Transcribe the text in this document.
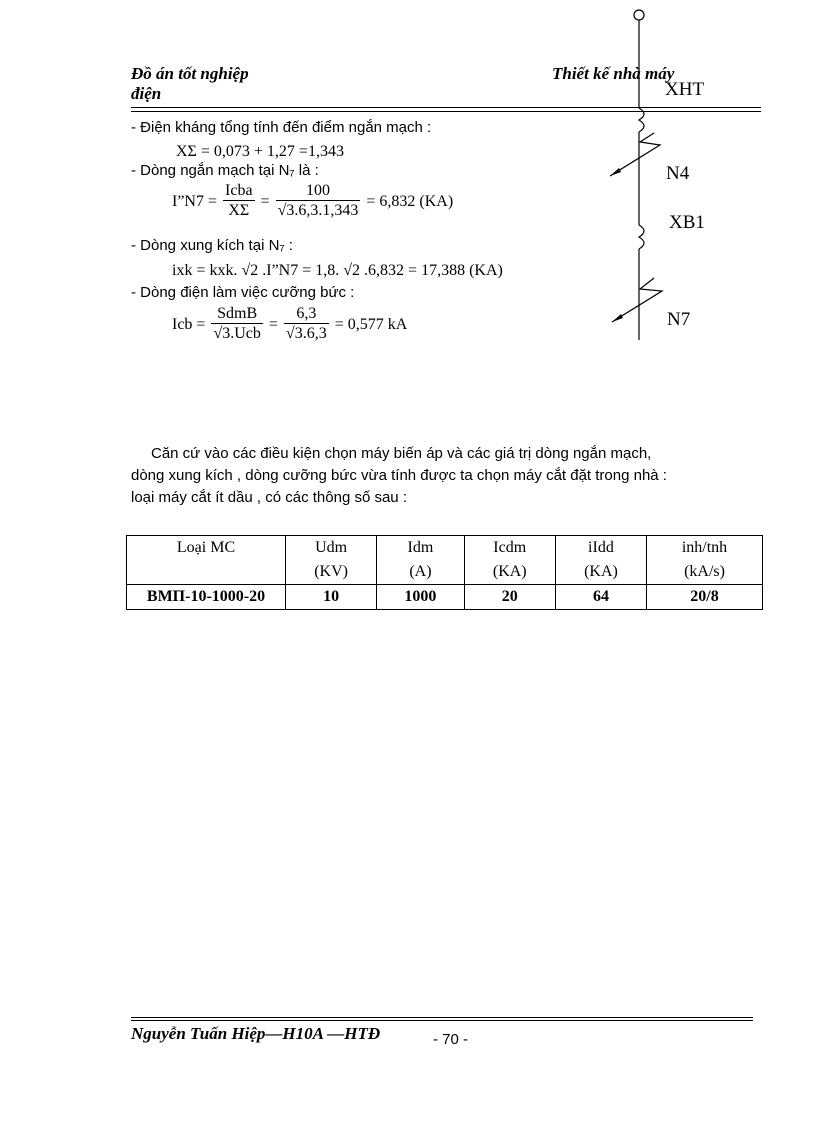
Đồ án tốt nghiệp
điện
Thiết kế nhà máy
- Điện kháng tổng tính đến điểm ngắn mạch :
XΣ = 0,073 + 1,27 =1,343
- Dòng ngắn mạch tại N₇ là :
I”N7 = $\frac{\text{Icba}}{X\Sigma} = \frac{100}{√3.6,3.1,343} = 6,832$ (KA)
- Dòng xung kích tại N₇ :
ixk = kxk. √2 .I”N7 = 1,8. √2 .6,832 = 17,388 (KA)
- Dòng điện làm việc cưỡng bức :
Icb = $\frac{\text{SdmB}}{\text{√3.Ucb}} = \frac{6,3}{√3.6,3} = 0,577$ kA
XHT
N4
XB1
N7
Căn cứ vào các điều kiện chọn máy biến áp và các giá trị dòng ngắn mạch,
dòng xung kích , dòng cưỡng bức vừa tính được ta chọn máy cắt đặt trong nhà :
loại máy cắt ít dầu , có các thông số sau :
Loại MC	Udm	Idm	Icdm	iIdd	inh/tnh
	(KV)	(A)	(KA)	(KA)	(kA/s)
BMΠ-10-1000-20	10	1000	20	64	20/8
Nguyễn Tuấn Hiệp—H10A —HTĐ	- 70 -
